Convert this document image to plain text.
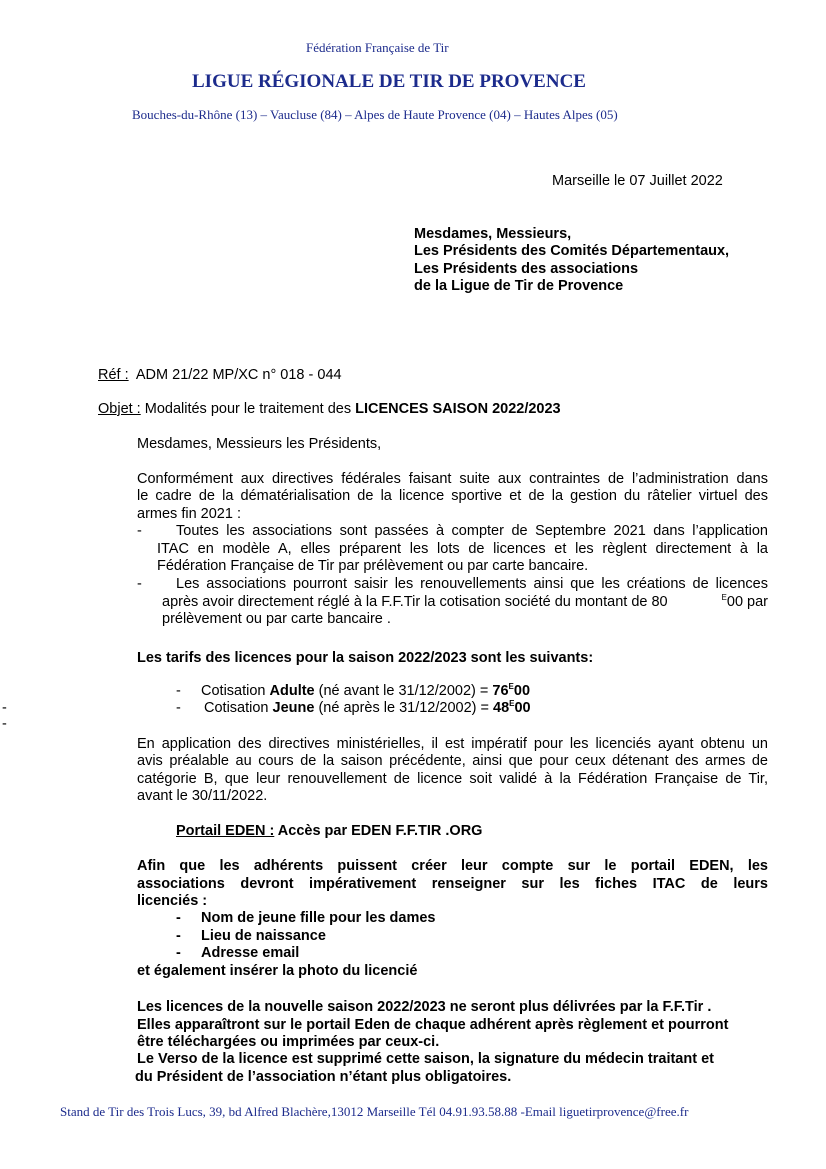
Fédération Française de Tir
LIGUE RÉGIONALE DE TIR DE PROVENCE
Bouches-du-Rhône (13) – Vaucluse (84) – Alpes de Haute Provence (04) – Hautes Alpes (05)
Marseille le 07 Juillet 2022
Mesdames, Messieurs,
Les Présidents des Comités Départementaux,
Les Présidents des associations
de la Ligue de Tir de Provence
Réf : ADM 21/22 MP/XC n° 018 - 044
Objet : Modalités pour le traitement des LICENCES SAISON 2022/2023
Mesdames, Messieurs les Présidents,
Conformément aux directives fédérales faisant suite aux contraintes de l’administration dans
le cadre de la dématérialisation de la licence sportive et de la gestion du râtelier virtuel des
armes fin 2021 :
- Toutes les associations sont passées à compter de Septembre 2021 dans l’application
ITAC en modèle A, elles préparent les lots de licences et les règlent directement à la
Fédération Française de Tir par prélèvement ou par carte bancaire.
- Les associations pourront saisir les renouvellements ainsi que les créations de licences
après avoir directement réglé à la F.F.Tir la cotisation société du montant de 80	$^E$00 par
prélèvement ou par carte bancaire .
Les tarifs des licences pour la saison 2022/2023 sont les suivants:
- Cotisation Adulte (né avant le $31/12/2002) = 76^E00$
- Cotisation Jeune (né après le $31/12/2002) = 48^E00$
-
-
En application des directives ministérielles, il est impératif pour les licenciés ayant obtenu un
avis préalable au cours de la saison précédente, ainsi que pour ceux détenant des armes de
catégorie B, que leur renouvellement de licence soit validé à la Fédération Française de Tir,
avant le 30/11/2022.
Portail EDEN : Accès par EDEN F.F.TIR .ORG
Afin que les adhérents puissent créer leur compte sur le portail EDEN, les
associations devront impérativement renseigner sur les fiches ITAC de leurs
licenciés :
- Nom de jeune fille pour les dames
- Lieu de naissance
- Adresse email
et également insérer la photo du licencié
Les licences de la nouvelle saison 2022/2023 ne seront plus délivrées par la F.F.Tir .
Elles apparaîtront sur le portail Eden de chaque adhérent après règlement et pourront
être téléchargées ou imprimées par ceux-ci.
Le Verso de la licence est supprimé cette saison, la signature du médecin traitant et
du Président de l’association n’étant plus obligatoires.
Stand de Tir des Trois Lucs, 39, bd Alfred Blachère,13012 Marseille Tél 04.91.93.58.88 -Email liguetirprovence@free.fr
